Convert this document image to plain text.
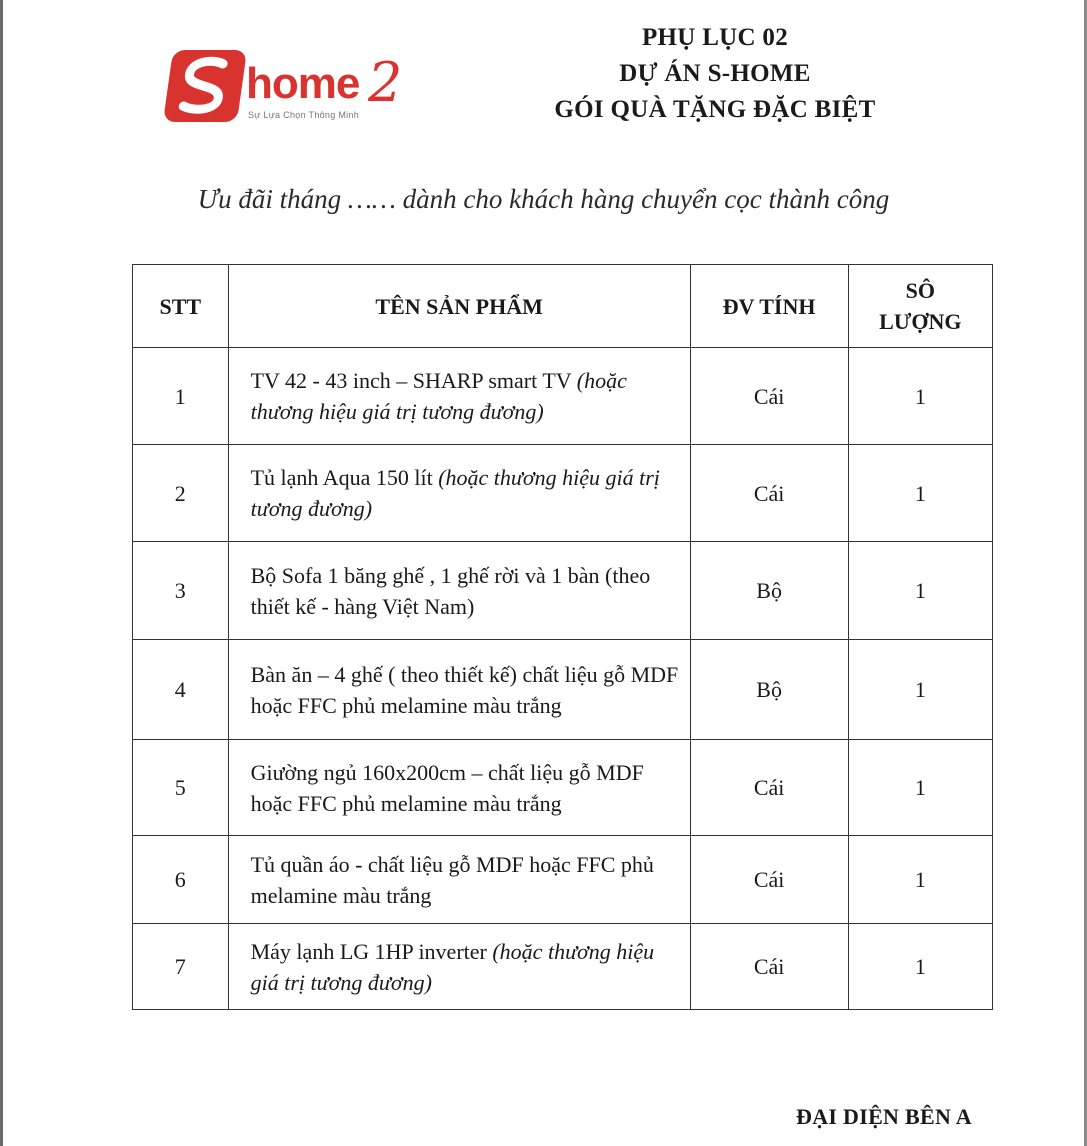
home 2
Sự Lựa Chọn Thông Minh
PHỤ LỤC 02
DỰ ÁN S-HOME
GÓI QUÀ TẶNG ĐẶC BIỆT
Ưu đãi tháng …… dành cho khách hàng chuyển cọc thành công
STT	TÊN SẢN PHẨM	ĐV TÍNH	SÔ
LƯỢNG
1	TV 42 - 43 inch – SHARP smart TV (hoặc thương hiệu giá trị tương đương)	Cái	1
2	Tủ lạnh Aqua 150 lít (hoặc thương hiệu giá trị tương đương)	Cái	1
3	Bộ Sofa 1 băng ghế , 1 ghế rời và 1 bàn (theo thiết kế - hàng Việt Nam)	Bộ	1
4	Bàn ăn – 4 ghế ( theo thiết kế) chất liệu gỗ MDF hoặc FFC phủ melamine màu trắng	Bộ	1
5	Giường ngủ 160x200cm – chất liệu gỗ MDF hoặc FFC phủ melamine màu trắng	Cái	1
6	Tủ quần áo - chất liệu gỗ MDF hoặc FFC phủ melamine màu trắng	Cái	1
7	Máy lạnh LG 1HP inverter (hoặc thương hiệu giá trị tương đương)	Cái	1
ĐẠI DIỆN BÊN A
